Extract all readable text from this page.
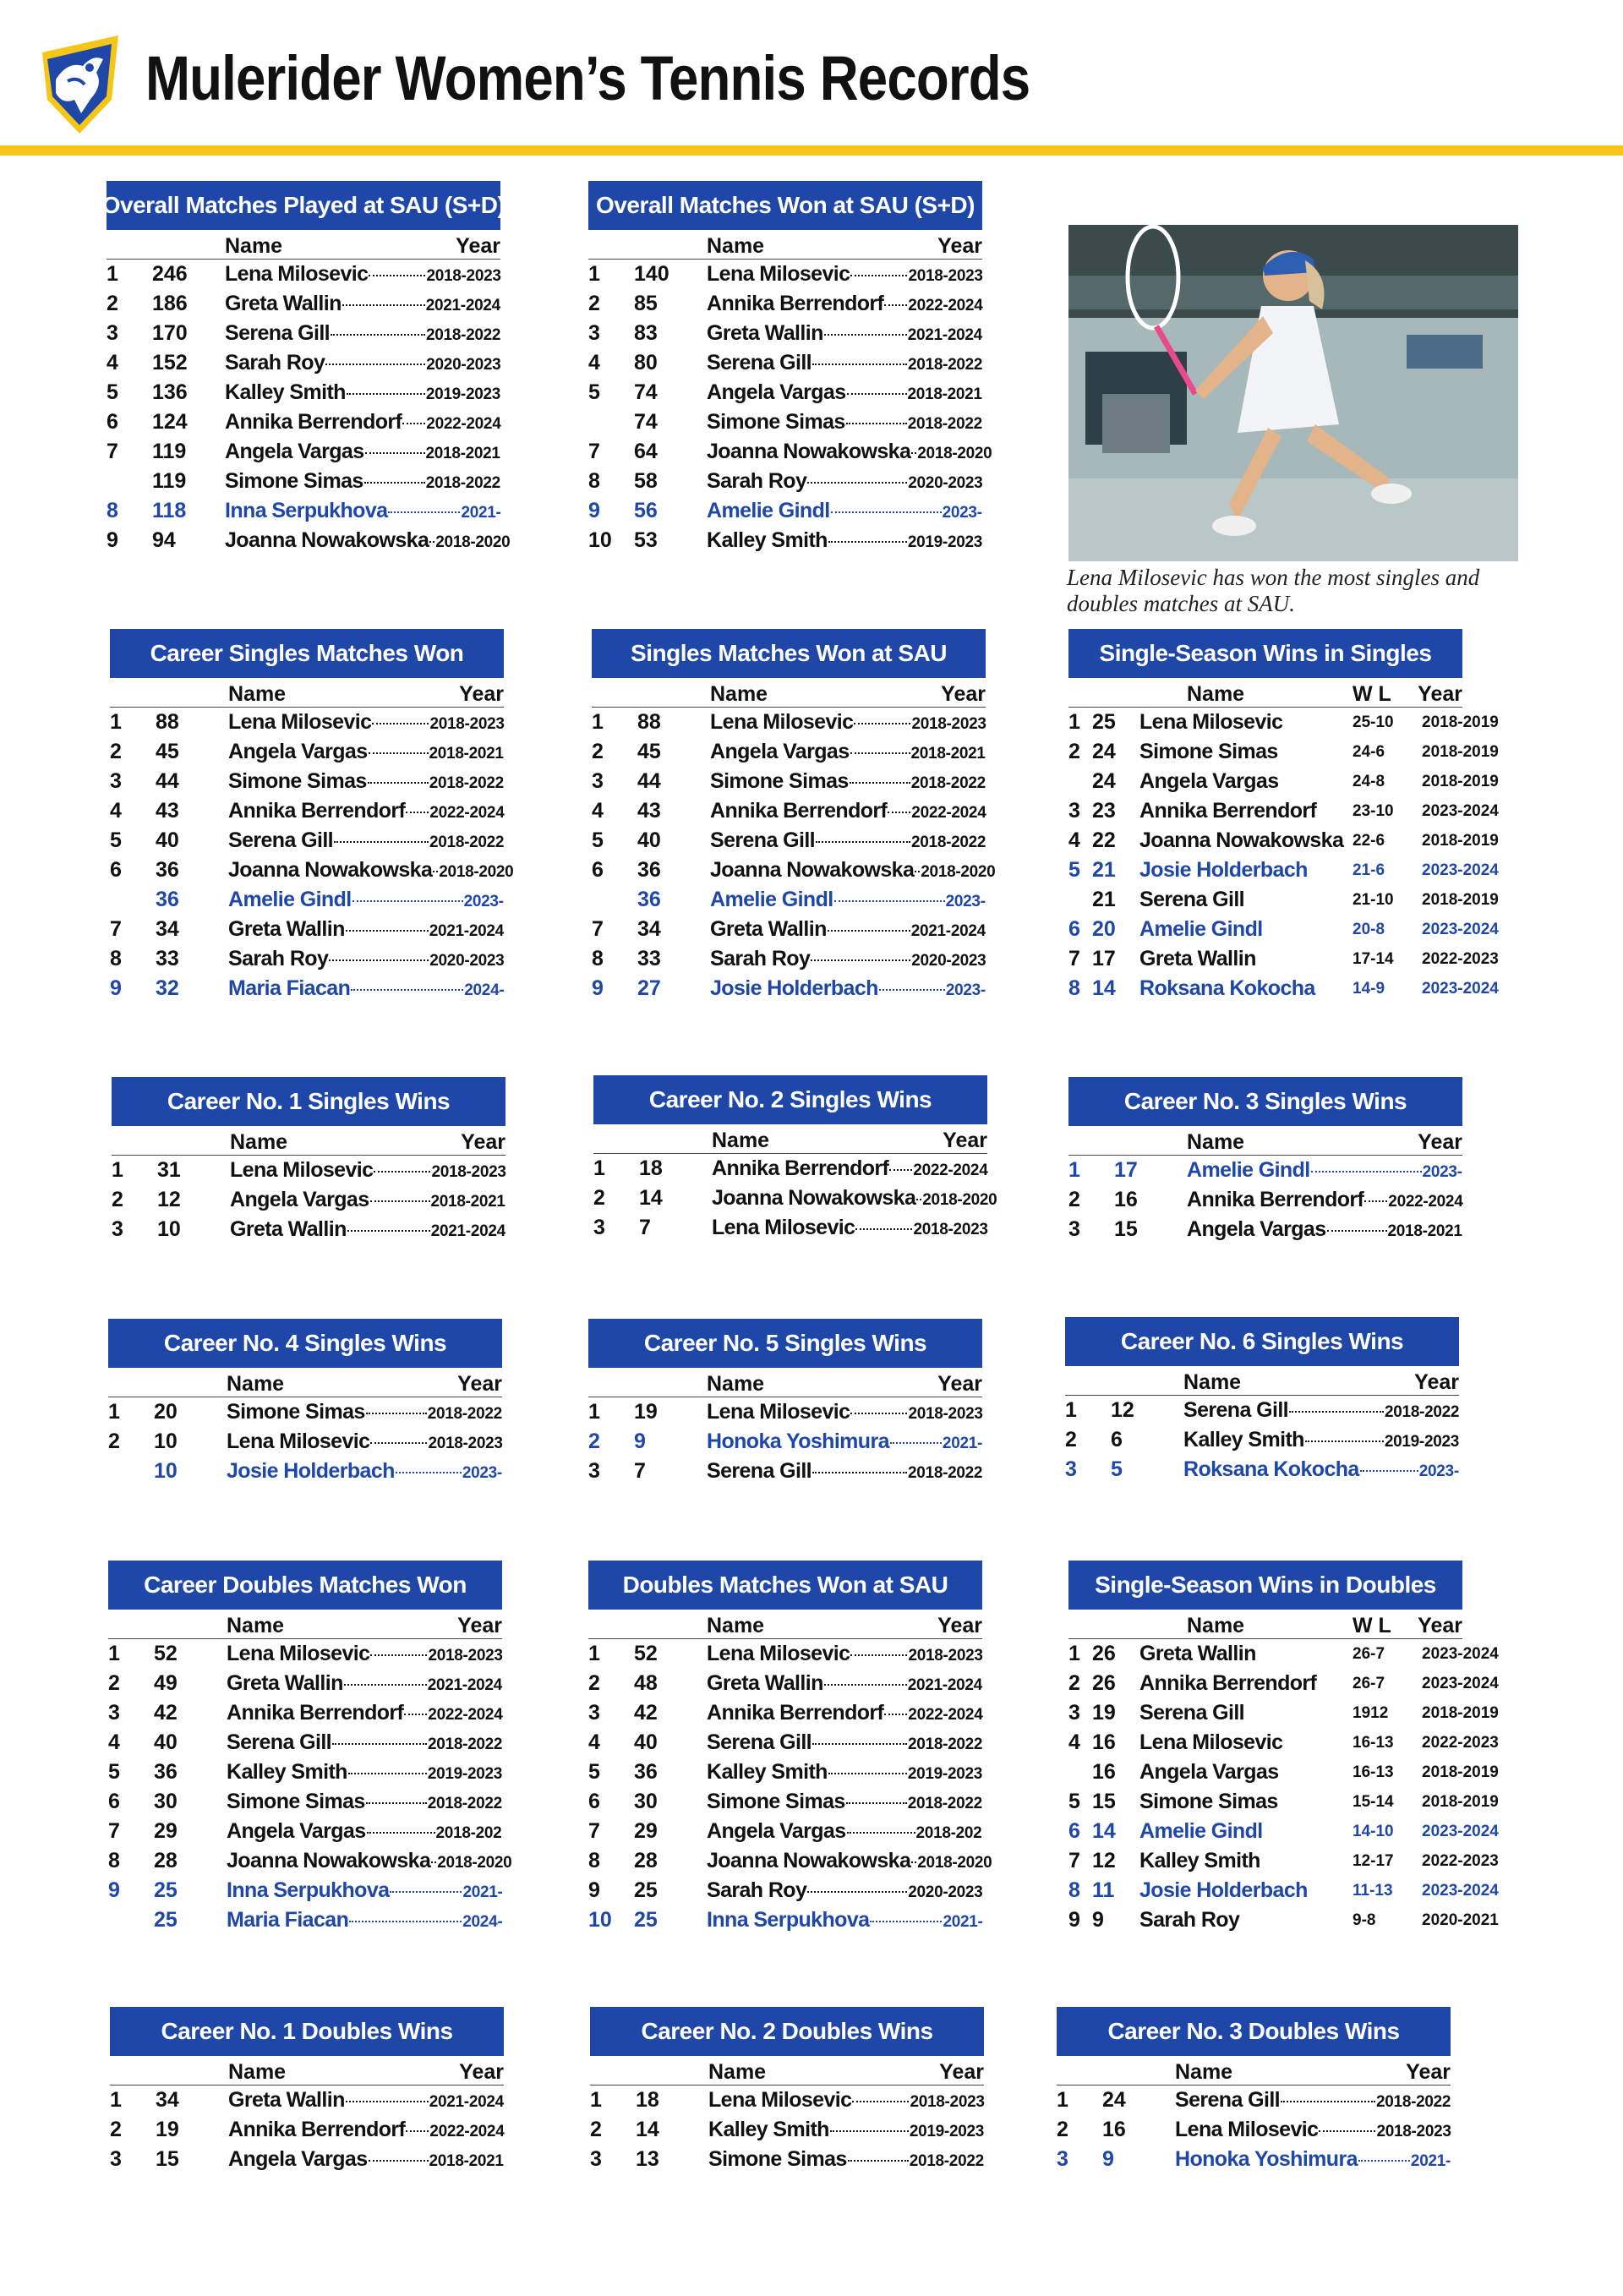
Mulerider Women’s Tennis Records
Overall Matches Played at SAU (S+D)
Name	Year
1 246 Lena Milosevic	2018-2023
2 186 Greta Wallin	2021-2024
3 170 Serena Gill	2018-2022
4 152 Sarah Roy	2020-2023
5 136 Kalley Smith	2019-2023
6 124 Annika Berrendorf 2022-2024
7 119 Angela Vargas	2018-2021
119 Simone Simas	2018-2022
8 118 Inna Serpukhova	2021-
9 94 Joanna Nowakowska 2018-2020
Overall Matches Won at SAU (S+D)
Name	Year
1 140 Lena Milosevic	2018-2023
2 85 Annika Berrendorf 2022-2024
3 83 Greta Wallin	2021-2024
4 80 Serena Gill	2018-2022
5 74 Angela Vargas	2018-2021
74 Simone Simas	2018-2022
7 64 Joanna Nowakowska 2018-2020
8 58 Sarah Roy	2020-2023
9 56 Amelie Gindl	2023-
10 53 Kalley Smith	2019-2023
Lena Milosevic has won the most singles and doubles matches at SAU.
Career Singles Matches Won
Name	Year
1 88 Lena Milosevic	2018-2023
2 45 Angela Vargas	2018-2021
3 44 Simone Simas	2018-2022
4 43 Annika Berrendorf 2022-2024
5 40 Serena Gill	2018-2022
6 36 Joanna Nowakowska 2018-2020
36 Amelie Gindl	2023-
7 34 Greta Wallin	2021-2024
8 33 Sarah Roy	2020-2023
9 32 Maria Fiacan	2024-
Singles Matches Won at SAU
Name	Year
1 88 Lena Milosevic	2018-2023
2 45 Angela Vargas	2018-2021
3 44 Simone Simas	2018-2022
4 43 Annika Berrendorf 2022-2024
5 40 Serena Gill	2018-2022
6 36 Joanna Nowakowska 2018-2020
36 Amelie Gindl	2023-
7 34 Greta Wallin	2021-2024
8 33 Sarah Roy	2020-2023
9 27 Josie Holderbach	2023-
Single-Season Wins in Singles
Name	W L Year
1 25 Lena Milosevic	25-10 2018-2019
2 24 Simone Simas	24-6 2018-2019
24 Angela Vargas	24-8 2018-2019
3 23 Annika Berrendorf 23-10 2023-2024
4 22 Joanna Nowakowska 22-6 2018-2019
5 21 Josie Holderbach	21-6 2023-2024
21 Serena Gill	21-10 2018-2019
6 20 Amelie Gindl	20-8 2023-2024
7 17 Greta Wallin	17-14 2022-2023
8 14 Roksana Kokocha 14-9 2023-2024
Career No. 1 Singles Wins
Name	Year
1 31 Lena Milosevic	2018-2023
2 12 Angela Vargas	2018-2021
3 10 Greta Wallin	2021-2024
Career No. 2 Singles Wins
Name	Year
1 18 Annika Berrendorf 2022-2024
2 14 Joanna Nowakowska 2018-2020
3 7	Lena Milosevic	2018-2023
Career No. 3 Singles Wins
Name	Year
1 17 Amelie Gindl	2023-
2 16 Annika Berrendorf 2022-2024
3 15 Angela Vargas	2018-2021
Career No. 4 Singles Wins
Name	Year
1 20 Simone Simas	2018-2022
2 10 Lena Milosevic	2018-2023
10 Josie Holderbach	2023-
Career No. 5 Singles Wins
Name	Year
1 19 Lena Milosevic	2018-2023
2 9	Honoka Yoshimura	2021-
3 7	Serena Gill	2018-2022
Career No. 6 Singles Wins
Name	Year
1 12 Serena Gill	2018-2022
2 6	Kalley Smith	2019-2023
3 5	Roksana Kokocha	2023-
Career Doubles Matches Won
Name	Year
1 52 Lena Milosevic	2018-2023
2 49 Greta Wallin	2021-2024
3 42 Annika Berrendorf 2022-2024
4 40 Serena Gill	2018-2022
5 36 Kalley Smith	2019-2023
6 30 Simone Simas	2018-2022
7 29 Angela Vargas	2018-202
8 28 Joanna Nowakowska 2018-2020
9 25 Inna Serpukhova	2021-
25 Maria Fiacan	2024-
Doubles Matches Won at SAU
Name	Year
1 52 Lena Milosevic	2018-2023
2 48 Greta Wallin	2021-2024
3 42 Annika Berrendorf 2022-2024
4 40 Serena Gill	2018-2022
5 36 Kalley Smith	2019-2023
6 30 Simone Simas	2018-2022
7 29 Angela Vargas	2018-202
8 28 Joanna Nowakowska 2018-2020
9 25 Sarah Roy	2020-2023
10 25 Inna Serpukhova	2021-
Single-Season Wins in Doubles
Name	W L Year
1 26 Greta Wallin	26-7 2023-2024
2 26 Annika Berrendorf 26-7 2023-2024
3 19 Serena Gill	1912 2018-2019
4 16 Lena Milosevic	16-13 2022-2023
16 Angela Vargas	16-13 2018-2019
5 15 Simone Simas	15-14 2018-2019
6 14 Amelie Gindl	14-10 2023-2024
7 12 Kalley Smith	12-17 2022-2023
8 11 Josie Holderbach	11-13 2023-2024
9 9 Sarah Roy	9-8	2020-2021
Career No. 1 Doubles Wins
Name	Year
1 34 Greta Wallin	2021-2024
2 19 Annika Berrendorf 2022-2024
3 15 Angela Vargas	2018-2021
Career No. 2 Doubles Wins
Name	Year
1 18 Lena Milosevic	2018-2023
2 14 Kalley Smith	2019-2023
3 13 Simone Simas	2018-2022
Career No. 3 Doubles Wins
Name	Year
1 24 Serena Gill	2018-2022
2 16 Lena Milosevic	2018-2023
3 9	Honoka Yoshimura	2021-
